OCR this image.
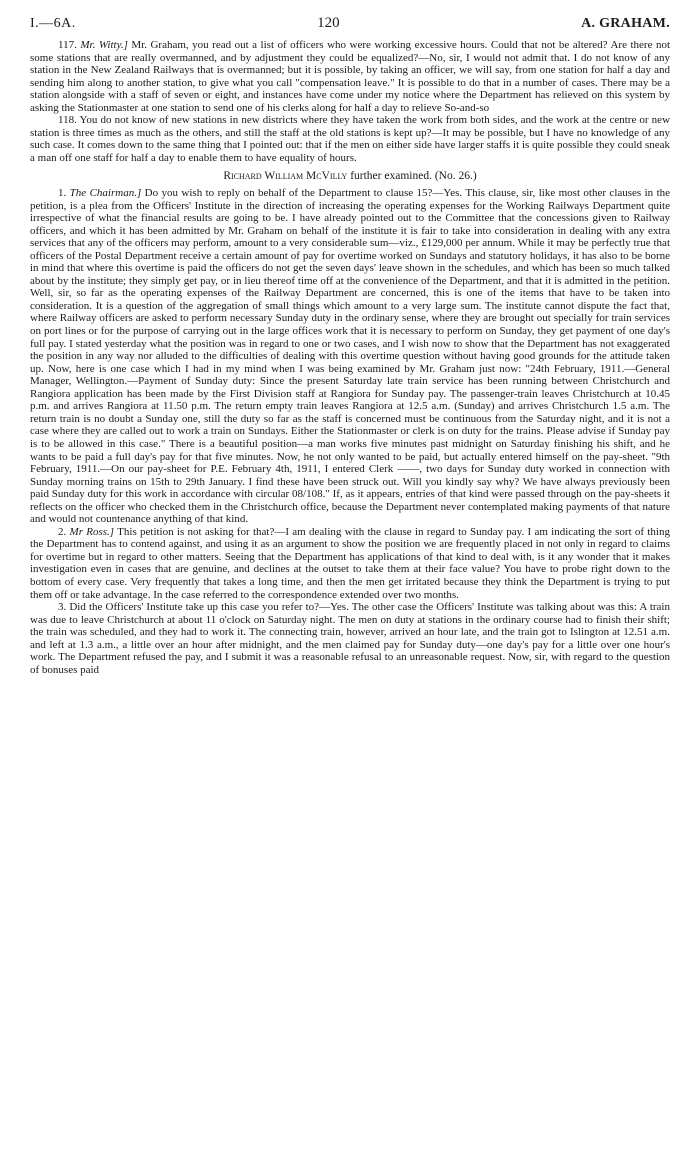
I.—6A.	120	A. GRAHAM.

117. Mr. Witty.] Mr. Graham, you read out a list of officers who were working excessive hours. Could that not be altered? Are there not some stations that are really overmanned, and by adjustment they could be equalized?—No, sir, I would not admit that. I do not know of any station in the New Zealand Railways that is overmanned; but it is possible, by taking an officer, we will say, from one station for half a day and sending him along to another station, to give what you call "compensation leave." It is possible to do that in a number of cases. There may be a station alongside with a staff of seven or eight, and instances have come under my notice where the Department has relieved on this system by asking the Stationmaster at one station to send one of his clerks along for half a day to relieve So-and-so

118. You do not know of new stations in new districts where they have taken the work from both sides, and the work at the centre or new station is three times as much as the others, and still the staff at the old stations is kept up?—It may be possible, but I have no knowledge of any such case. It comes down to the same thing that I pointed out: that if the men on either side have larger staffs it is quite possible they could sneak a man off one staff for half a day to enable them to have equality of hours.

Richard William McVilly further examined. (No. 26.)

1. The Chairman.] Do you wish to reply on behalf of the Department to clause 15?—Yes. This clause, sir, like most other clauses in the petition, is a plea from the Officers' Institute in the direction of increasing the operating expenses for the Working Railways Department quite irrespective of what the financial results are going to be. I have already pointed out to the Committee that the concessions given to Railway officers, and which it has been admitted by Mr. Graham on behalf of the institute it is fair to take into consideration in dealing with any extra services that any of the officers may perform, amount to a very considerable sum—viz., £129,000 per annum. While it may be perfectly true that officers of the Postal Department receive a certain amount of pay for overtime worked on Sundays and statutory holidays, it has also to be borne in mind that where this overtime is paid the officers do not get the seven days' leave shown in the schedules, and which has been so much talked about by the institute; they simply get pay, or in lieu thereof time off at the convenience of the Department, and that it is admitted in the petition. Well, sir, so far as the operating expenses of the Railway Department are concerned, this is one of the items that have to be taken into consideration. It is a question of the aggregation of small things which amount to a very large sum. The institute cannot dispute the fact that, where Railway officers are asked to perform necessary Sunday duty in the ordinary sense, where they are brought out specially for train services on port lines or for the purpose of carrying out in the large offices work that it is necessary to perform on Sunday, they get payment of one day's full pay. I stated yesterday what the position was in regard to one or two cases, and I wish now to show that the Department has not exaggerated the position in any way nor alluded to the difficulties of dealing with this overtime question without having good grounds for the attitude taken up. Now, here is one case which I had in my mind when I was being examined by Mr. Graham just now: "24th February, 1911.—General Manager, Wellington.—Payment of Sunday duty: Since the present Saturday late train service has been running between Christchurch and Rangiora application has been made by the First Division staff at Rangiora for Sunday pay. The passenger-train leaves Christchurch at 10.45 p.m. and arrives Rangiora at 11.50 p.m. The return empty train leaves Rangiora at 12.5 a.m. (Sunday) and arrives Christchurch 1.5 a.m. The return train is no doubt a Sunday one, still the duty so far as the staff is concerned must be continuous from the Saturday night, and it is not a case where they are called out to work a train on Sundays. Either the Stationmaster or clerk is on duty for the trains. Please advise if Sunday pay is to be allowed in this case." There is a beautiful position—a man works five minutes past midnight on Saturday finishing his shift, and he wants to be paid a full day's pay for that five minutes. Now, he not only wanted to be paid, but actually entered himself on the pay-sheet. "9th February, 1911.—On our pay-sheet for P.E. February 4th, 1911, I entered Clerk ——, two days for Sunday duty worked in connection with Sunday morning trains on 15th to 29th January. I find these have been struck out. Will you kindly say why? We have always previously been paid Sunday duty for this work in accordance with circular 08/108." If, as it appears, entries of that kind were passed through on the pay-sheets it reflects on the officer who checked them in the Christchurch office, because the Department never contemplated making payments of that nature and would not countenance anything of that kind.

2. Mr Ross.] This petition is not asking for that?—I am dealing with the clause in regard to Sunday pay. I am indicating the sort of thing the Department has to contend against, and using it as an argument to show the position we are frequently placed in not only in regard to claims for overtime but in regard to other matters. Seeing that the Department has applications of that kind to deal with, is it any wonder that it makes investigation even in cases that are genuine, and declines at the outset to take them at their face value? You have to probe right down to the bottom of every case. Very frequently that takes a long time, and then the men get irritated because they think the Department is trying to put them off or take advantage. In the case referred to the correspondence extended over two months.

3. Did the Officers' Institute take up this case you refer to?—Yes. The other case the Officers' Institute was talking about was this: A train was due to leave Christchurch at about 11 o'clock on Saturday night. The men on duty at stations in the ordinary course had to finish their shift; the train was scheduled, and they had to work it. The connecting train, however, arrived an hour late, and the train got to Islington at 12.51 a.m. and left at 1.3 a.m., a little over an hour after midnight, and the men claimed pay for Sunday duty—one day's pay for a little over one hour's work. The Department refused the pay, and I submit it was a reasonable refusal to an unreasonable request. Now, sir, with regard to the question of bonuses paid
